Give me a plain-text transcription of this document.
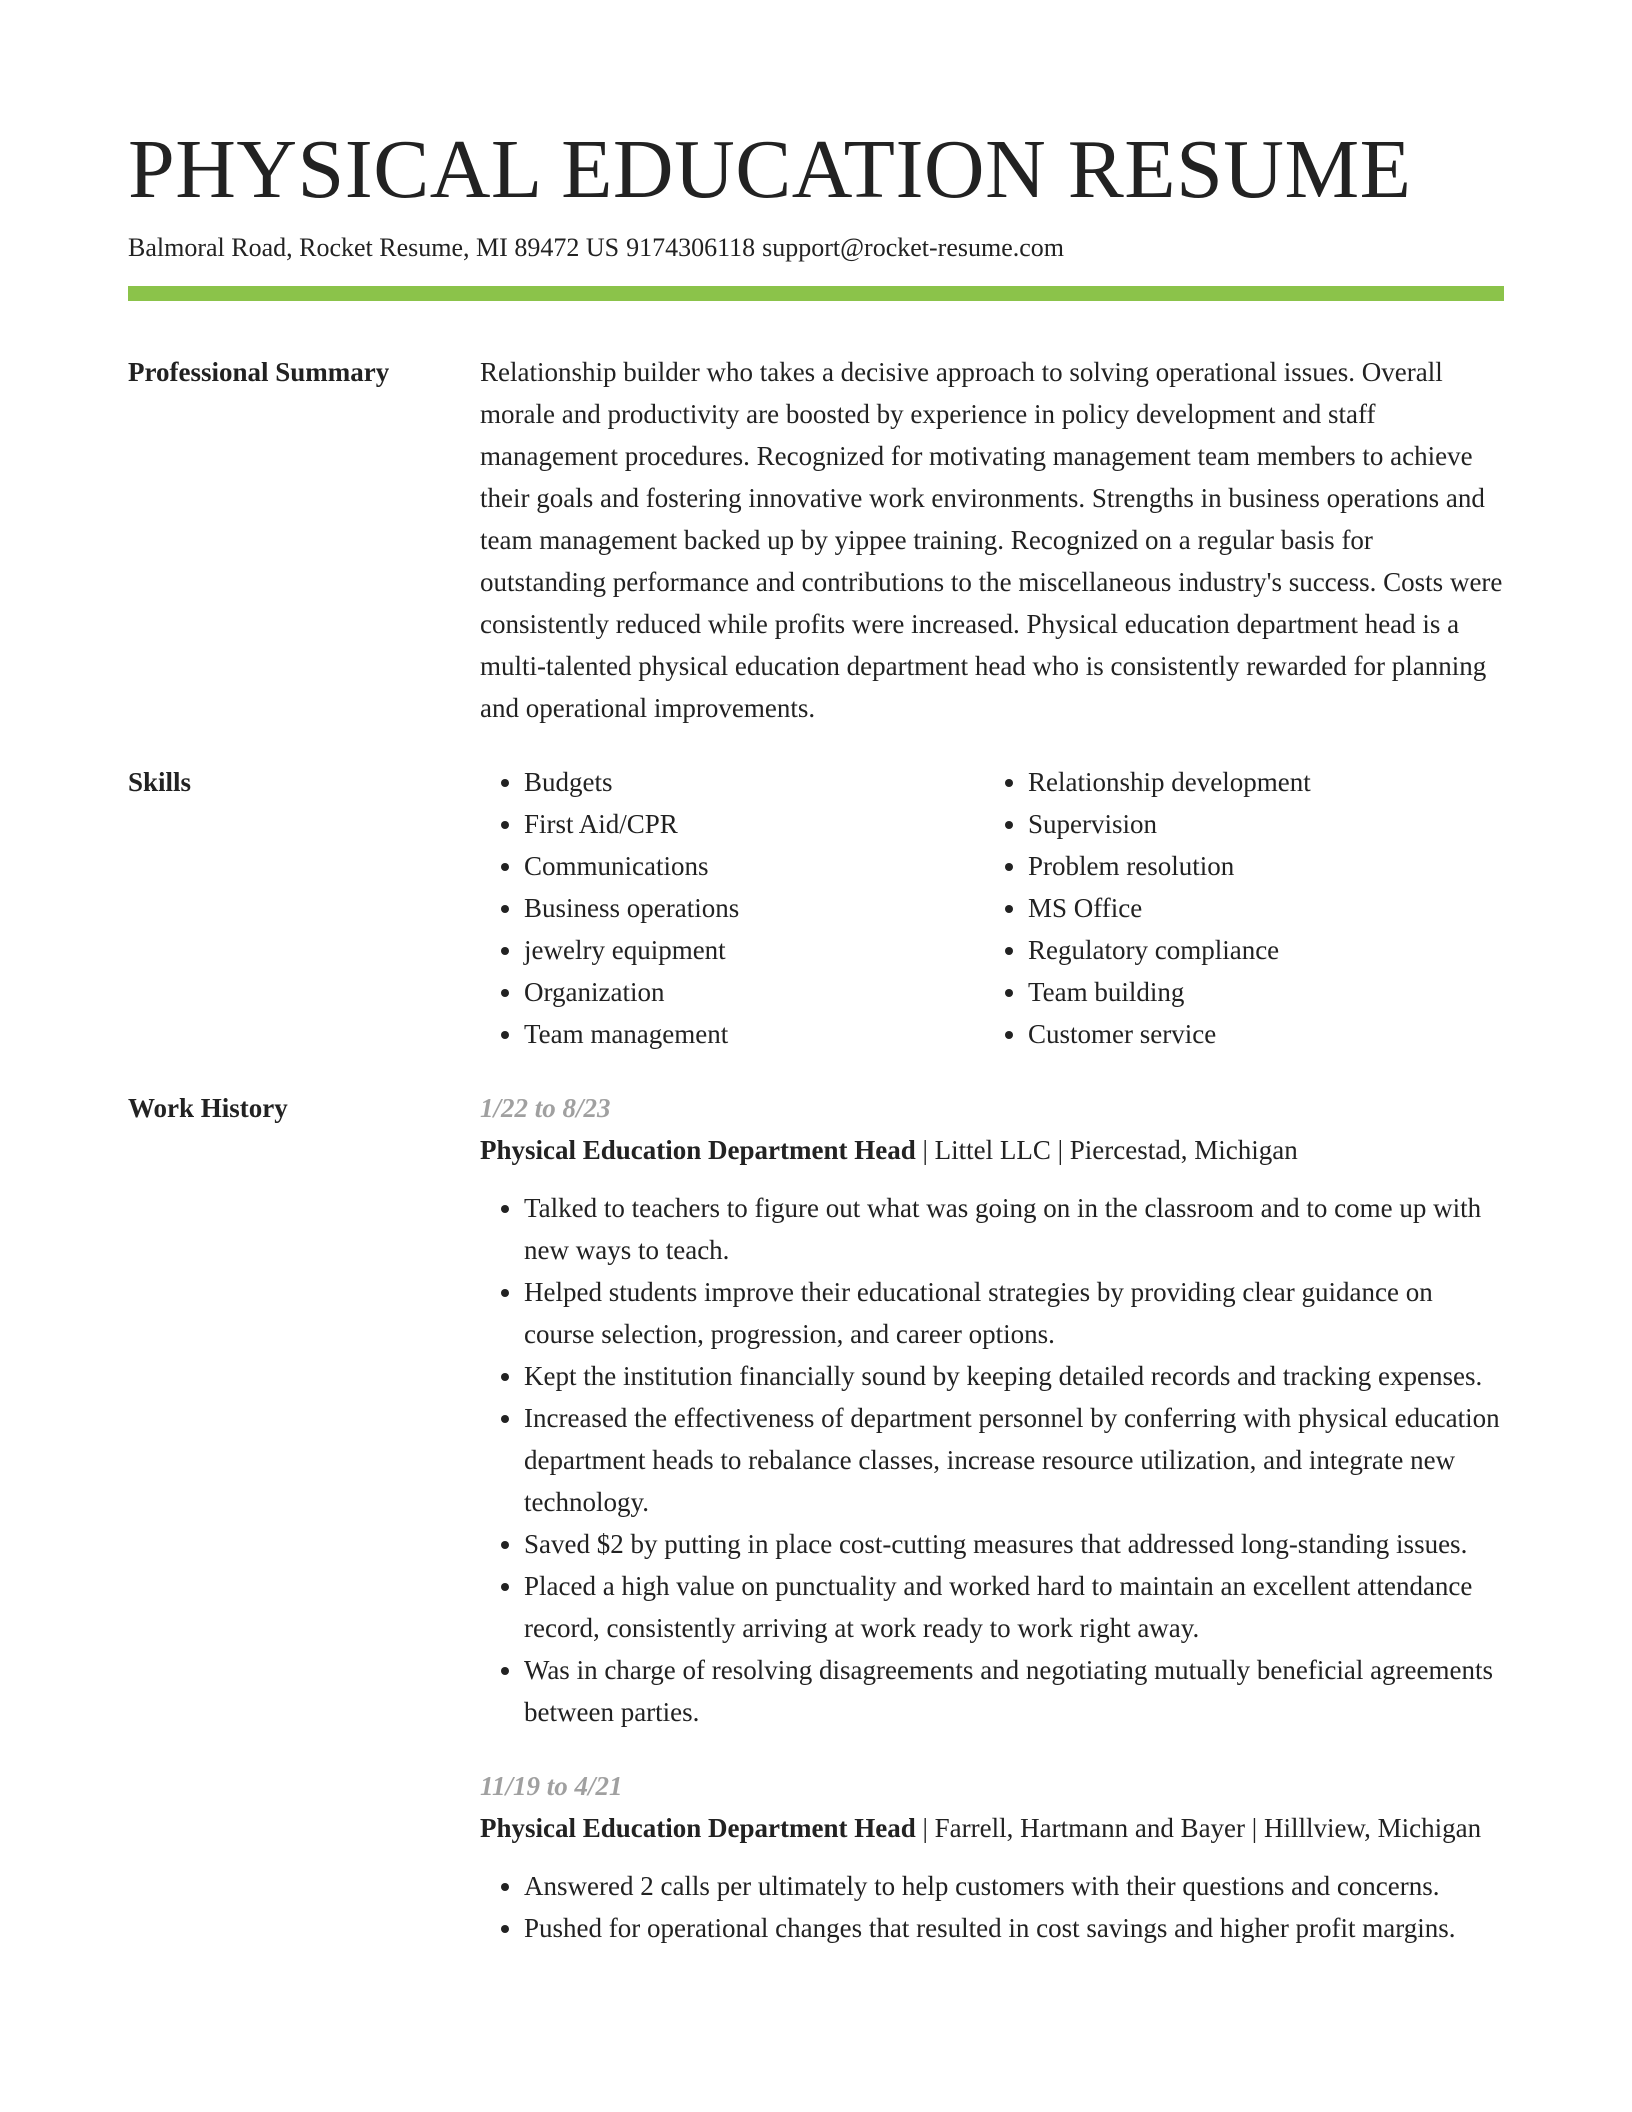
PHYSICAL EDUCATION RESUME
Balmoral Road, Rocket Resume, MI 89472 US 9174306118 support@rocket-resume.com
Professional Summary	Relationship builder who takes a decisive approach to solving operational issues. Overall morale and productivity are boosted by experience in policy development and staff management procedures. Recognized for motivating management team members to achieve their goals and fostering innovative work environments. Strengths in business operations and team management backed up by yippee training. Recognized on a regular basis for outstanding performance and contributions to the miscellaneous industry's success. Costs were consistently reduced while profits were increased. Physical education department head is a multi-talented physical education department head who is consistently rewarded for planning and operational improvements.

Skills
•	Budgets
• First Aid/CPR
• Communications
• Business operations
• jewelry equipment
• Organization
• Team management
• Relationship development
• Supervision
• Problem resolution
• MS Office
• Regulatory compliance
• Team building
• Customer service
Work History	1/22 to 8/23
Physical Education Department Head | Littel LLC | Piercestad, Michigan
• Talked to teachers to figure out what was going on in the classroom and to come up with new ways to teach.
• Helped students improve their educational strategies by providing clear guidance on course selection, progression, and career options.
• Kept the institution financially sound by keeping detailed records and tracking expenses.
• Increased the effectiveness of department personnel by conferring with physical education department heads to rebalance classes, increase resource utilization, and integrate new technology.
• Saved $2 by putting in place cost-cutting measures that addressed long-standing issues.
• Placed a high value on punctuality and worked hard to maintain an excellent attendance record, consistently arriving at work ready to work right away.
• Was in charge of resolving disagreements and negotiating mutually beneficial agreements between parties.
11/19 to 4/21
Physical Education Department Head | Farrell, Hartmann and Bayer | Hilllview, Michigan
• Answered 2 calls per ultimately to help customers with their questions and concerns.
• Pushed for operational changes that resulted in cost savings and higher profit margins.
